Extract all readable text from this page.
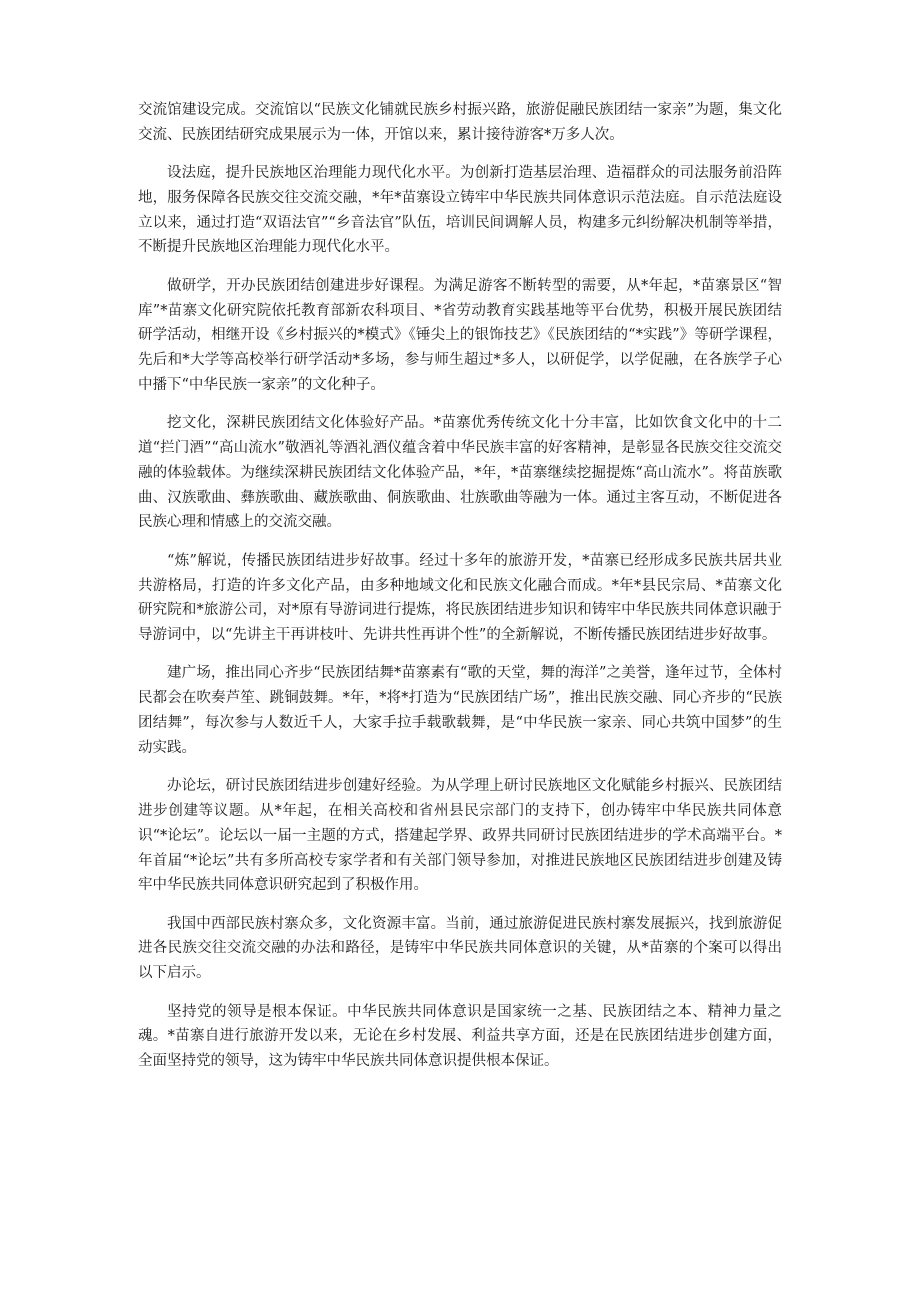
交流馆建设完成。交流馆以“民族文化铺就民族乡村振兴路，旅游促融民族团结一家亲”为题，集文化交流、民族团结研究成果展示为一体，开馆以来，累计接待游客*万多人次。

设法庭，提升民族地区治理能力现代化水平。为创新打造基层治理、造福群众的司法服务前沿阵地，服务保障各民族交往交流交融，*年*苗寨设立铸牢中华民族共同体意识示范法庭。自示范法庭设立以来，通过打造“双语法官”“乡音法官”队伍，培训民间调解人员，构建多元纠纷解决机制等举措，不断提升民族地区治理能力现代化水平。

做研学，开办民族团结创建进步好课程。为满足游客不断转型的需要，从*年起，*苗寨景区“智库”*苗寨文化研究院依托教育部新农科项目、*省劳动教育实践基地等平台优势，积极开展民族团结研学活动，相继开设《乡村振兴的*模式》《锤尖上的银饰技艺》《民族团结的“*实践”》等研学课程，先后和*大学等高校举行研学活动*多场，参与师生超过*多人，以研促学，以学促融，在各族学子心中播下“中华民族一家亲”的文化种子。

挖文化，深耕民族团结文化体验好产品。*苗寨优秀传统文化十分丰富，比如饮食文化中的十二道“拦门酒”“高山流水”敬酒礼等酒礼酒仪蕴含着中华民族丰富的好客精神，是彰显各民族交往交流交融的体验载体。为继续深耕民族团结文化体验产品，*年，*苗寨继续挖掘提炼“高山流水”。将苗族歌曲、汉族歌曲、彝族歌曲、藏族歌曲、侗族歌曲、壮族歌曲等融为一体。通过主客互动，不断促进各民族心理和情感上的交流交融。

“炼”解说，传播民族团结进步好故事。经过十多年的旅游开发，*苗寨已经形成多民族共居共业共游格局，打造的许多文化产品，由多种地域文化和民族文化融合而成。*年*县民宗局、*苗寨文化研究院和*旅游公司，对*原有导游词进行提炼，将民族团结进步知识和铸牢中华民族共同体意识融于导游词中，以“先讲主干再讲枝叶、先讲共性再讲个性”的全新解说，不断传播民族团结进步好故事。

建广场，推出同心齐步“民族团结舞*苗寨素有“歌的天堂，舞的海洋”之美誉，逢年过节，全体村民都会在吹奏芦笙、跳铜鼓舞。*年，*将*打造为“民族团结广场”，推出民族交融、同心齐步的“民族团结舞”，每次参与人数近千人，大家手拉手载歌载舞，是“中华民族一家亲、同心共筑中国梦”的生动实践。

办论坛，研讨民族团结进步创建好经验。为从学理上研讨民族地区文化赋能乡村振兴、民族团结进步创建等议题。从*年起，在相关高校和省州县民宗部门的支持下，创办铸牢中华民族共同体意识“*论坛”。论坛以一届一主题的方式，搭建起学界、政界共同研讨民族团结进步的学术高端平台。*年首届“*论坛”共有多所高校专家学者和有关部门领导参加，对推进民族地区民族团结进步创建及铸牢中华民族共同体意识研究起到了积极作用。

我国中西部民族村寨众多，文化资源丰富。当前，通过旅游促进民族村寨发展振兴，找到旅游促进各民族交往交流交融的办法和路径，是铸牢中华民族共同体意识的关键，从*苗寨的个案可以得出以下启示。

坚持党的领导是根本保证。中华民族共同体意识是国家统一之基、民族团结之本、精神力量之魂。*苗寨自进行旅游开发以来，无论在乡村发展、利益共享方面，还是在民族团结进步创建方面，全面坚持党的领导，这为铸牢中华民族共同体意识提供根本保证。
